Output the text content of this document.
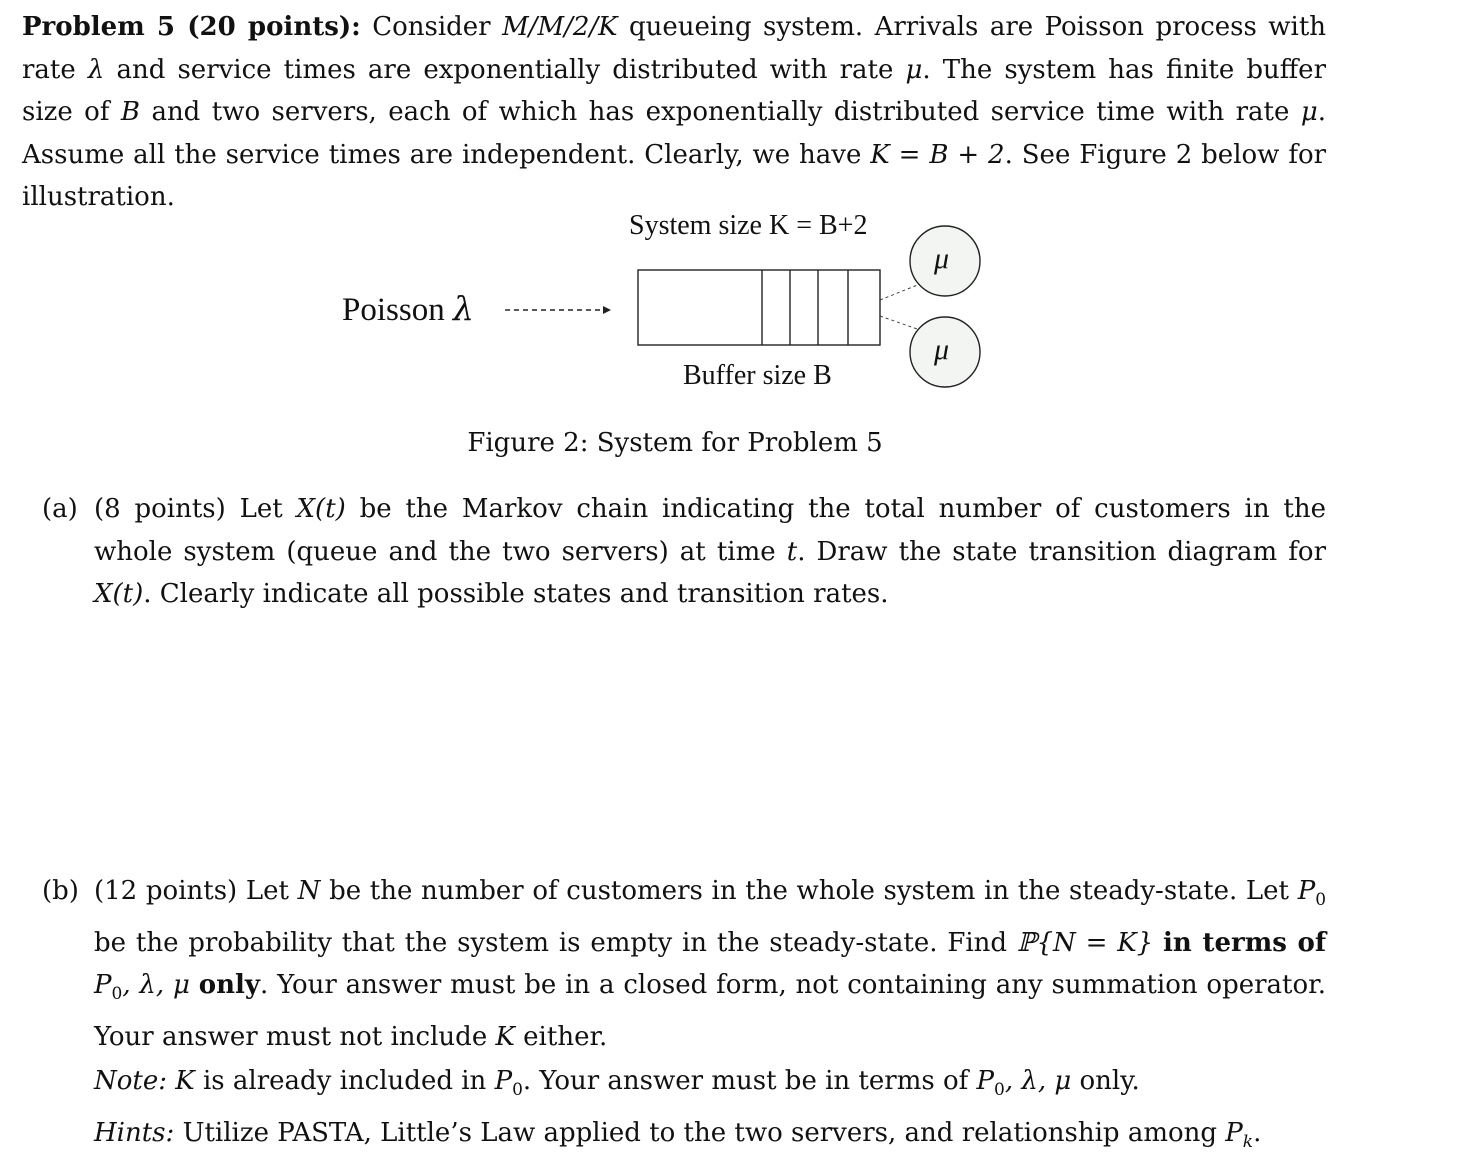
Problem 5 (20 points): Consider M/M/2/K queueing system. Arrivals are Poisson process with rate λ and service times are exponentially distributed with rate μ. The system has finite buffer size of B and two servers, each of which has exponentially distributed service time with rate μ. Assume all the service times are independent. Clearly, we have K = B + 2. See Figure 2 below for illustration.
System size K = B+2
Poisson λ
μ
μ
Buffer size B
Figure 2: System for Problem 5
(a) (8 points) Let X(t) be the Markov chain indicating the total number of customers in the whole system (queue and the two servers) at time t. Draw the state transition diagram for X(t). Clearly indicate all possible states and transition rates.
(b) (12 points) Let N be the number of customers in the whole system in the steady-state. Let $P_0$ be the probability that the system is empty in the steady-state. Find ℙ{N = K} in terms of $P_0$, λ, μ only. Your answer must be in a closed form, not containing any summation operator. Your answer must not include K either.
Note: K is already included in $P_0$. Your answer must be in terms of $P_0$, λ, μ only.
Hints: Utilize PASTA, Little’s Law applied to the two servers, and relationship among $P_k$.
